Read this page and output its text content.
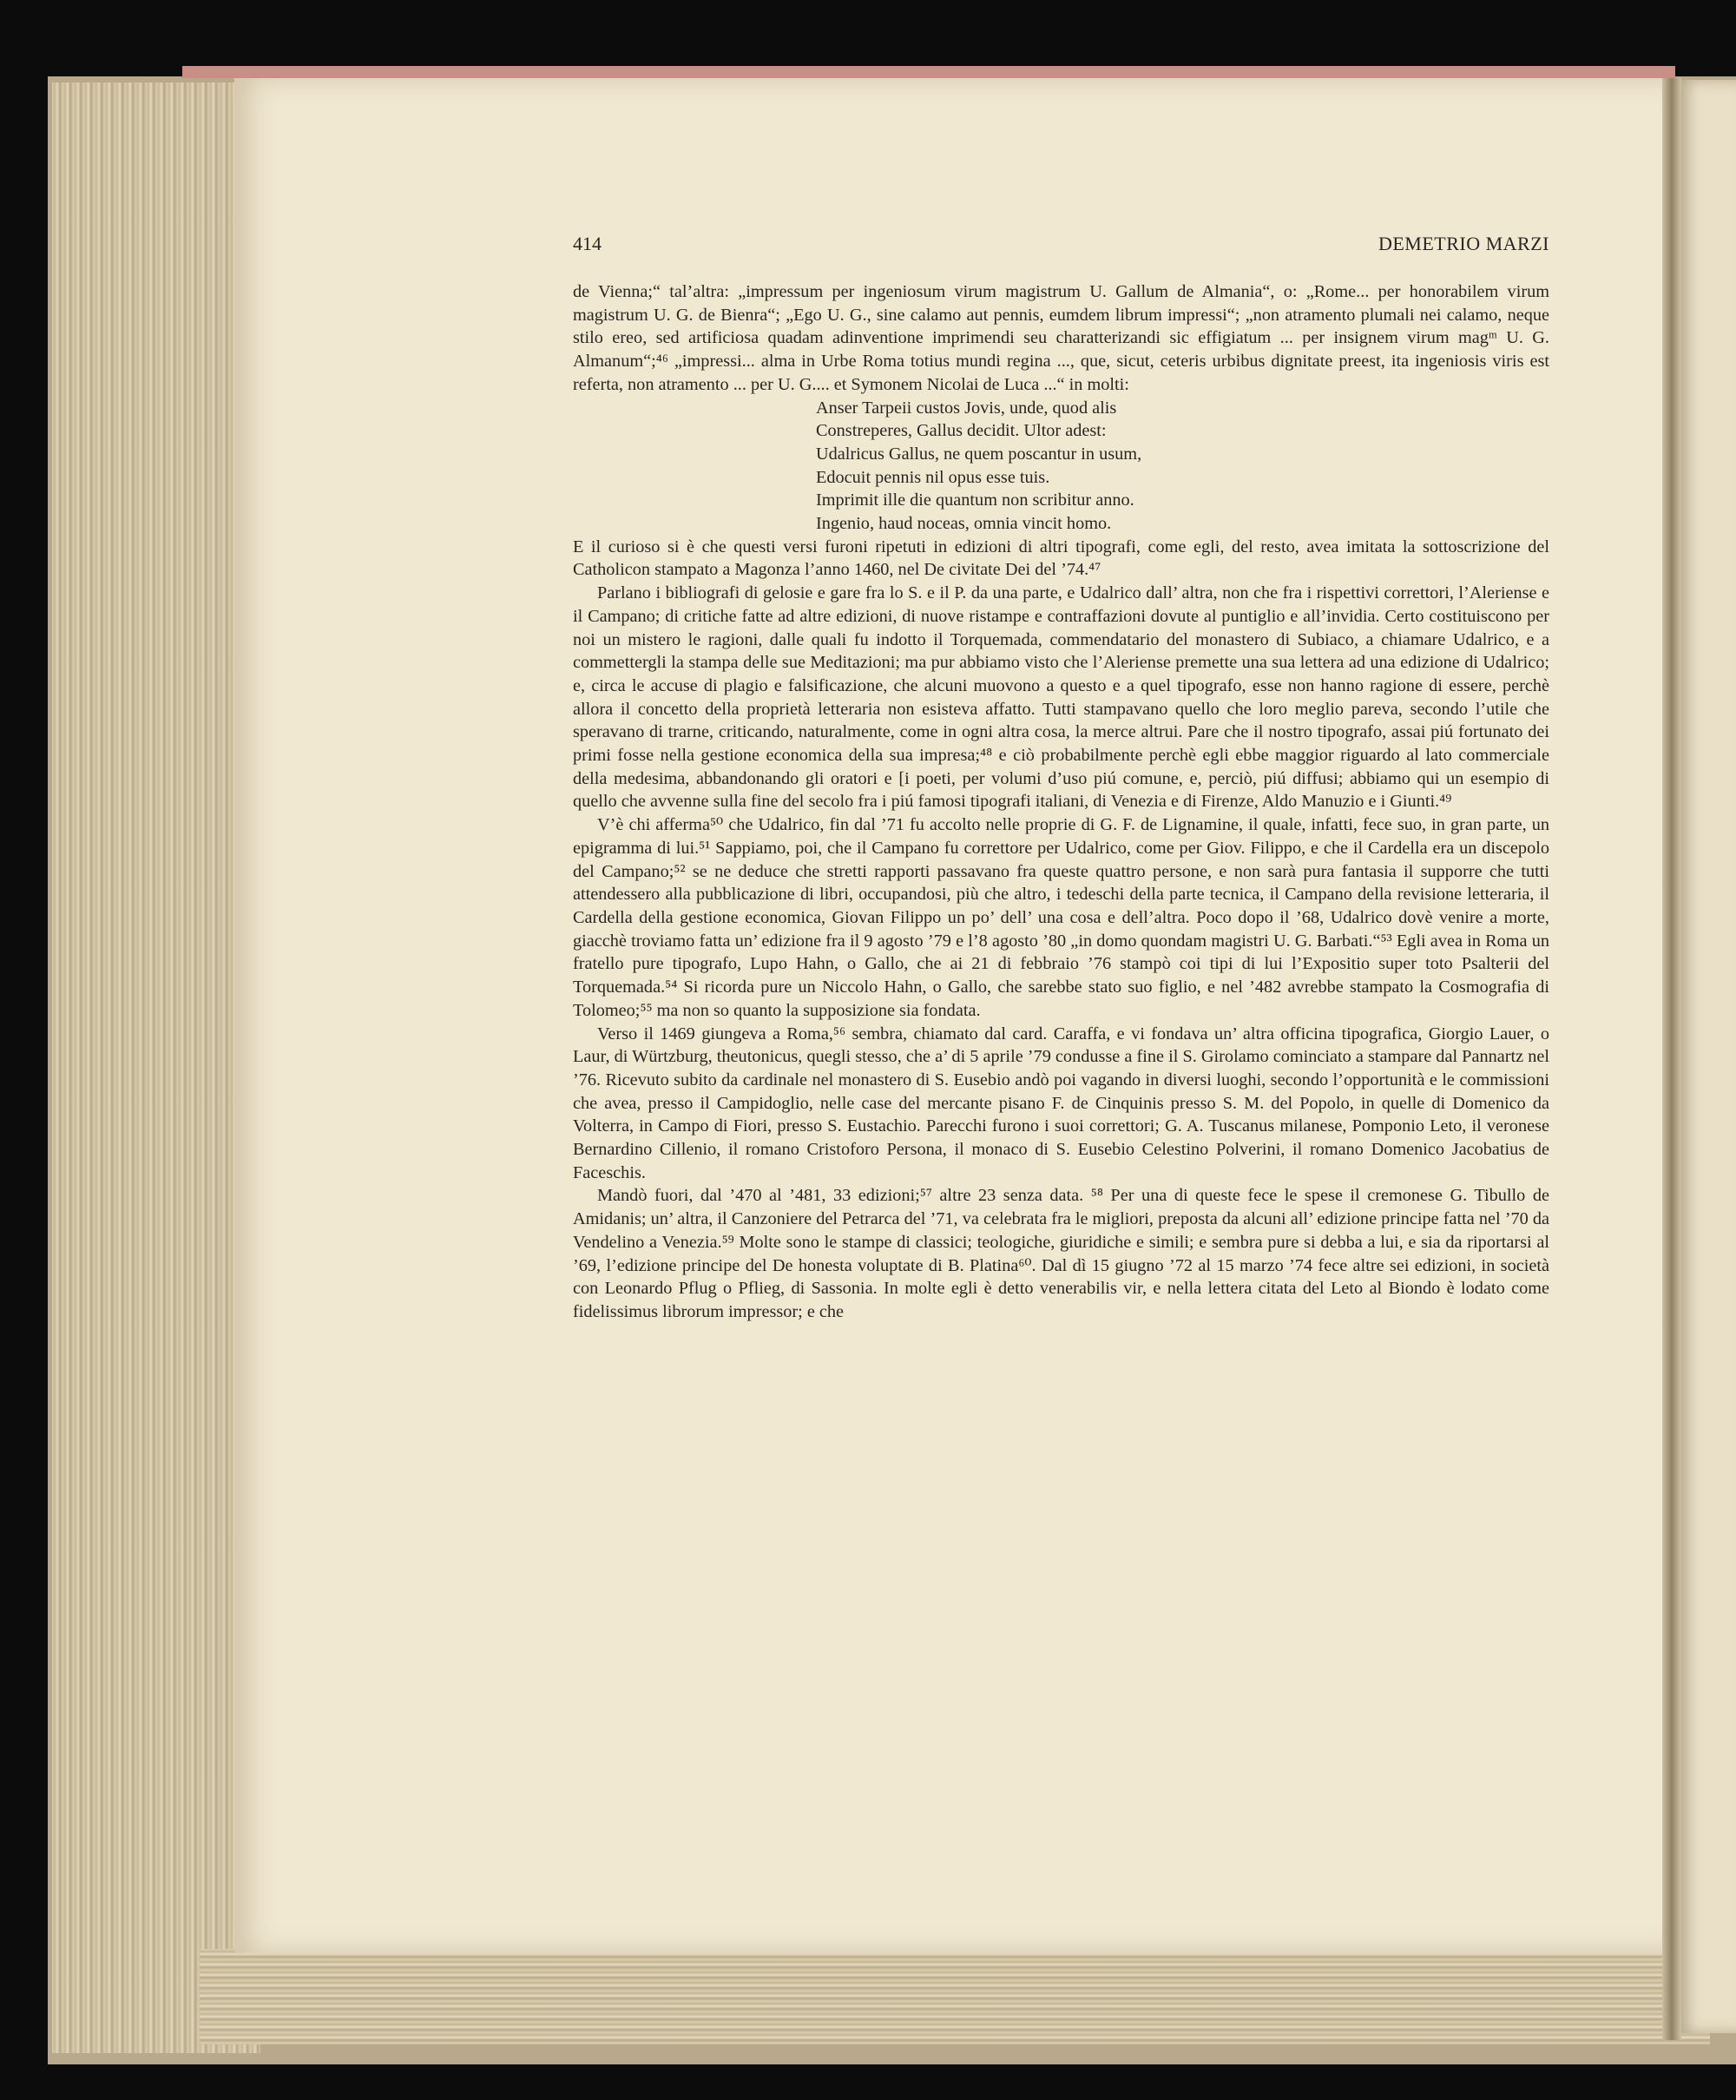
414	DEMETRIO MARZI

de Vienna;“ tal’altra: „impressum per ingeniosum virum magistrum U. Gallum de Almania“, o: „Rome... per honorabilem virum magistrum U. G. de Bienra“; „Ego U. G., sine calamo aut pennis, eumdem librum impressi“; „non atramento plumali nei calamo, neque stilo ereo, sed artificiosa quadam adinventione imprimendi seu charatterizandi sic effigiatum ... per insignem virum magᵐ U. G. Almanum“;⁴⁶ „impressi... alma in Urbe Roma totius mundi regina ..., que, sicut, ceteris urbibus dignitate preest, ita ingeniosis viris est referta, non atramento ... per U. G.... et Symonem Nicolai de Luca ...“ in molti:

Anser Tarpeii custos Jovis, unde, quod alis
Constreperes, Gallus decidit. Ultor adest:
Udalricus Gallus, ne quem poscantur in usum,
Edocuit pennis nil opus esse tuis.
Imprimit ille die quantum non scribitur anno.
Ingenio, haud noceas, omnia vincit homo.

E il curioso si è che questi versi furoni ripetuti in edizioni di altri tipografi, come egli, del resto, avea imitata la sottoscrizione del Catholicon stampato a Magonza l’anno 1460, nel De civitate Dei del ’74.⁴⁷

Parlano i bibliografi di gelosie e gare fra lo S. e il P. da una parte, e Udalrico dall’ altra, non che fra i rispettivi correttori, l’Aleriense e il Campano; di critiche fatte ad altre edizioni, di nuove ristampe e contraffazioni dovute al puntiglio e all’invidia. Certo costituiscono per noi un mistero le ragioni, dalle quali fu indotto il Torquemada, commendatario del monastero di Subiaco, a chiamare Udalrico, e a commettergli la stampa delle sue Meditazioni; ma pur abbiamo visto che l’Aleriense premette una sua lettera ad una edizione di Udalrico; e, circa le accuse di plagio e falsificazione, che alcuni muovono a questo e a quel tipografo, esse non hanno ragione di essere, perchè allora il concetto della proprietà letteraria non esisteva affatto. Tutti stampavano quello che loro meglio pareva, secondo l’utile che speravano di trarne, criticando, naturalmente, come in ogni altra cosa, la merce altrui. Pare che il nostro tipografo, assai piú fortunato dei primi fosse nella gestione economica della sua impresa;⁴⁸ e ciò probabilmente perchè egli ebbe maggior riguardo al lato commerciale della medesima, abbandonando gli oratori e [i poeti, per volumi d’uso piú comune, e, perciò, piú diffusi; abbiamo qui un esempio di quello che avvenne sulla fine del secolo fra i piú famosi tipografi italiani, di Venezia e di Firenze, Aldo Manuzio e i Giunti.⁴⁹

V’è chi afferma⁵⁰ che Udalrico, fin dal ’71 fu accolto nelle proprie di G. F. de Lignamine, il quale, infatti, fece suo, in gran parte, un epigramma di lui.⁵¹ Sappiamo, poi, che il Campano fu correttore per Udalrico, come per Giov. Filippo, e che il Cardella era un discepolo del Campano;⁵² se ne deduce che stretti rapporti passavano fra queste quattro persone, e non sarà pura fantasia il supporre che tutti attendessero alla pubblicazione di libri, occupandosi, più che altro, i tedeschi della parte tecnica, il Campano della revisione letteraria, il Cardella della gestione economica, Giovan Filippo un po’ dell’ una cosa e dell’altra. Poco dopo il ’68, Udalrico dovè venire a morte, giacchè troviamo fatta un’ edizione fra il 9 agosto ’79 e l’8 agosto ’80 „in domo quondam magistri U. G. Barbati.“⁵³ Egli avea in Roma un fratello pure tipografo, Lupo Hahn, o Gallo, che ai 21 di febbraio ’76 stampò coi tipi di lui l’Expositio super toto Psalterii del Torquemada.⁵⁴ Si ricorda pure un Niccolo Hahn, o Gallo, che sarebbe stato suo figlio, e nel ’482 avrebbe stampato la Cosmografia di Tolomeo;⁵⁵ ma non so quanto la supposizione sia fondata.

Verso il 1469 giungeva a Roma,⁵⁶ sembra, chiamato dal card. Caraffa, e vi fondava un’ altra officina tipografica, Giorgio Lauer, o Laur, di Würtzburg, theutonicus, quegli stesso, che a’ di 5 aprile ’79 condusse a fine il S. Girolamo cominciato a stampare dal Pannartz nel ’76. Ricevuto subito da cardinale nel monastero di S. Eusebio andò poi vagando in diversi luoghi, secondo l’opportunità e le commissioni che avea, presso il Campidoglio, nelle case del mercante pisano F. de Cinquinis presso S. M. del Popolo, in quelle di Domenico da Volterra, in Campo di Fiori, presso S. Eustachio. Parecchi furono i suoi correttori; G. A. Tuscanus milanese, Pomponio Leto, il veronese Bernardino Cillenio, il romano Cristoforo Persona, il monaco di S. Eusebio Celestino Polverini, il romano Domenico Jacobatius de Faceschis.

Mandò fuori, dal ’470 al ’481, 33 edizioni;⁵⁷ altre 23 senza data. ⁵⁸ Per una di queste fece le spese il cremonese G. Tibullo de Amidanis; un’ altra, il Canzoniere del Petrarca del ’71, va celebrata fra le migliori, preposta da alcuni all’ edizione principe fatta nel ’70 da Vendelino a Venezia.⁵⁹ Molte sono le stampe di classici; teologiche, giuridiche e simili; e sembra pure si debba a lui, e sia da riportarsi al ’69, l’edizione principe del De honesta voluptate di B. Platina⁶⁰. Dal dì 15 giugno ’72 al 15 marzo ’74 fece altre sei edizioni, in società con Leonardo Pflug o Pflieg, di Sassonia. In molte egli è detto venerabilis vir, e nella lettera citata del Leto al Biondo è lodato come fidelissimus librorum impressor; e che
